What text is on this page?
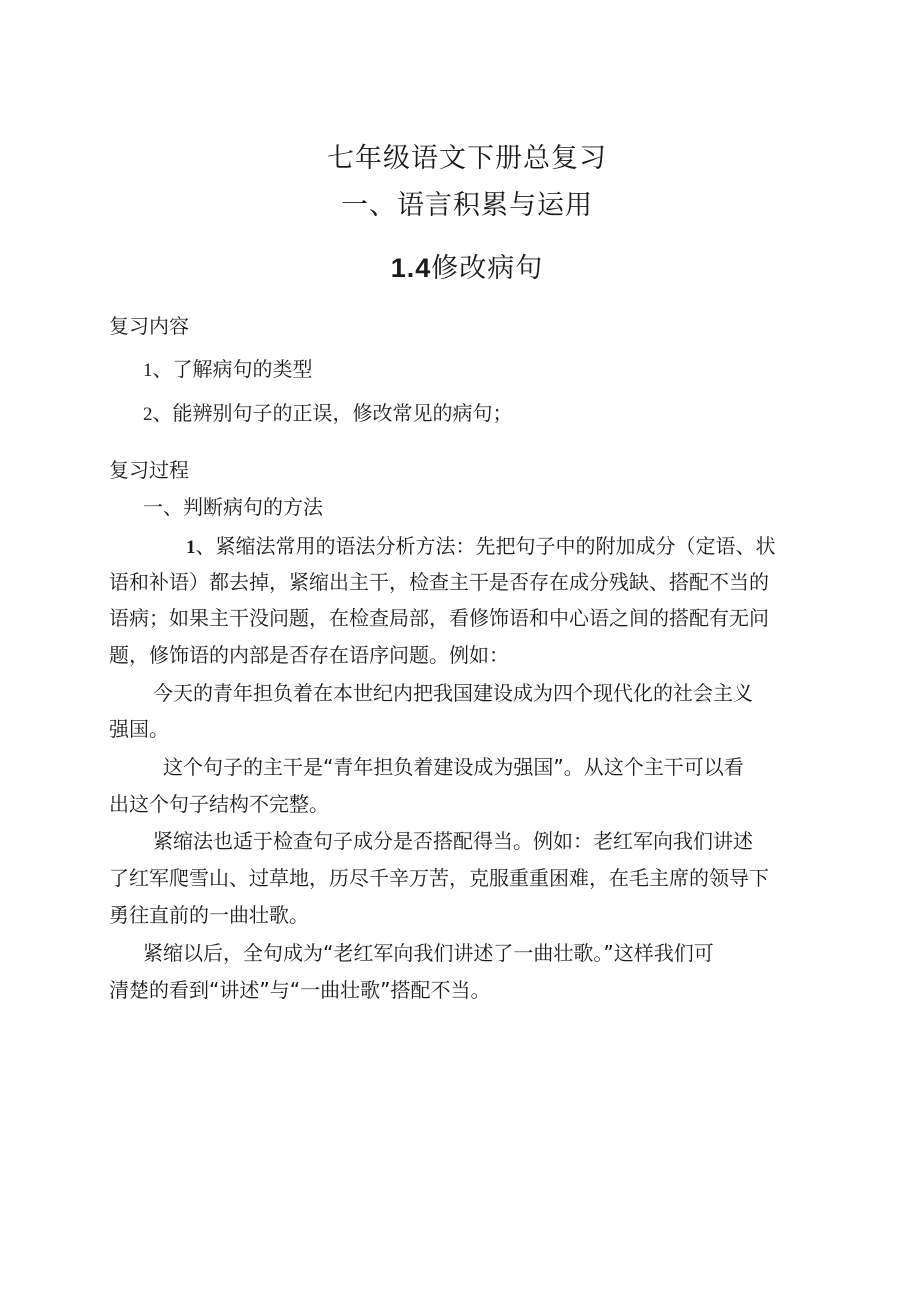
七年级语文下册总复习
一、语言积累与运用
1.4修改病句
复习内容
1、了解病句的类型
2、能辨别句子的正误，修改常见的病句；
复习过程
一、判断病句的方法
1、紧缩法常用的语法分析方法：先把句子中的附加成分（定语、状
语和补语）都去掉，紧缩出主干，检查主干是否存在成分残缺、搭配不当的
语病；如果主干没问题，在检查局部，看修饰语和中心语之间的搭配有无问
题，修饰语的内部是否存在语序问题。例如：
今天的青年担负着在本世纪内把我国建设成为四个现代化的社会主义
强国。
这个句子的主干是“青年担负着建设成为强国”。从这个主干可以看
出这个句子结构不完整。
紧缩法也适于检查句子成分是否搭配得当。例如：老红军向我们讲述
了红军爬雪山、过草地，历尽千辛万苦，克服重重困难，在毛主席的领导下
勇往直前的一曲壮歌。
紧缩以后，全句成为“老红军向我们讲述了一曲壮歌。”这样我们可
清楚的看到“讲述”与“一曲壮歌”搭配不当。
